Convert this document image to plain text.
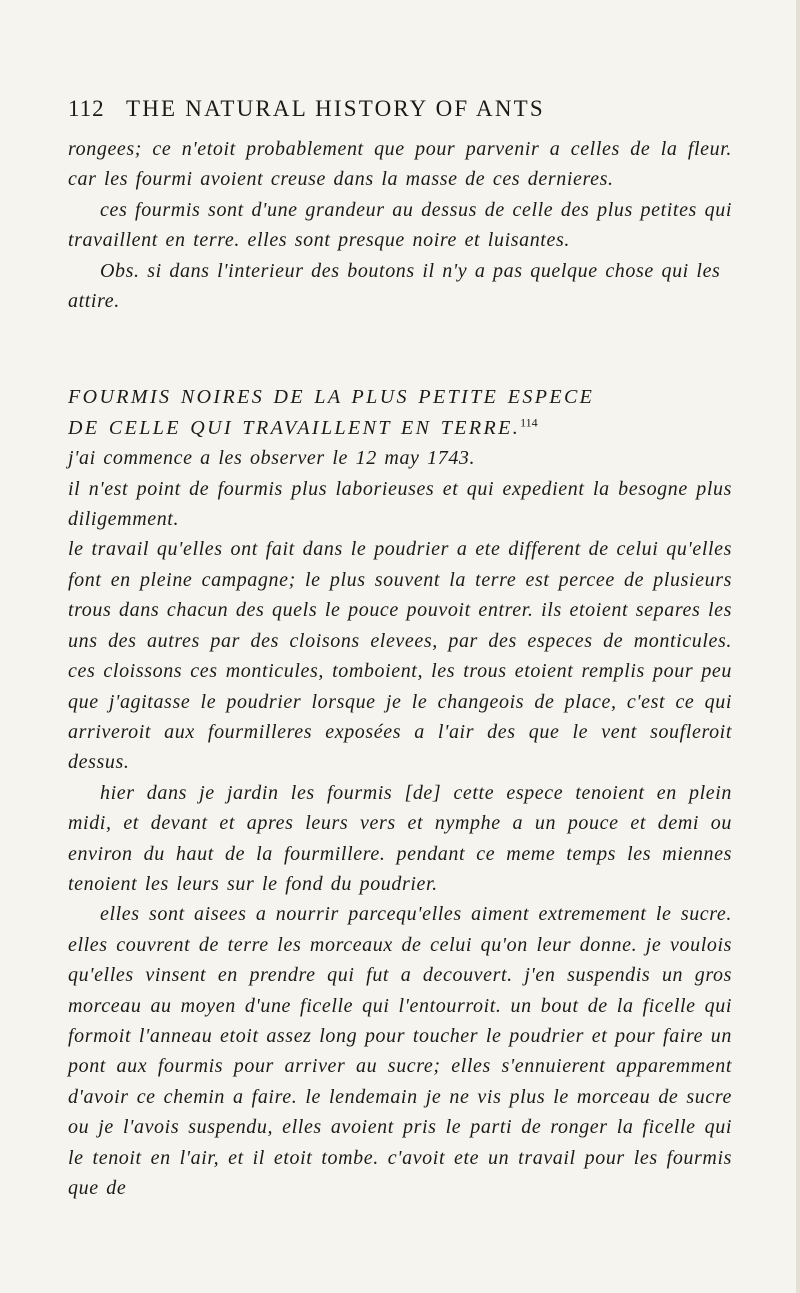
112 THE NATURAL HISTORY OF ANTS

rongees; ce n'etoit probablement que pour parvenir a celles de la fleur. car les fourmi avoient creuse dans la masse de ces dernieres.

ces fourmis sont d'une grandeur au dessus de celle des plus petites qui travaillent en terre. elles sont presque noire et luisantes.

Obs. si dans l'interieur des boutons il n'y a pas quelque chose qui les attire.

FOURMIS NOIRES DE LA PLUS PETITE ESPECE
DE CELLE QUI TRAVAILLENT EN TERRE.$^{114}$

j'ai commence a les observer le 12 may 1743.

il n'est point de fourmis plus laborieuses et qui expedient la besogne plus diligemment.

le travail qu'elles ont fait dans le poudrier a ete different de celui qu'elles font en pleine campagne; le plus souvent la terre est percee de plusieurs trous dans chacun des quels le pouce pouvoit entrer. ils etoient separes les uns des autres par des cloisons elevees, par des especes de monticules. ces cloissons ces monticules, tomboient, les trous etoient remplis pour peu que j'agitasse le poudrier lorsque je le changeois de place, c'est ce qui arriveroit aux fourmilleres exposées a l'air des que le vent soufleroit dessus.

hier dans je jardin les fourmis [de] cette espece tenoient en plein midi, et devant et apres leurs vers et nymphe a un pouce et demi ou environ du haut de la fourmillere. pendant ce meme temps les miennes tenoient les leurs sur le fond du poudrier.

elles sont aisees a nourrir parcequ'elles aiment extremement le sucre. elles couvrent de terre les morceaux de celui qu'on leur donne. je voulois qu'elles vinsent en prendre qui fut a decouvert. j'en suspendis un gros morceau au moyen d'une ficelle qui l'entourroit. un bout de la ficelle qui formoit l'anneau etoit assez long pour toucher le poudrier et pour faire un pont aux fourmis pour arriver au sucre; elles s'ennuierent apparemment d'avoir ce chemin a faire. le lendemain je ne vis plus le morceau de sucre ou je l'avois suspendu, elles avoient pris le parti de ronger la ficelle qui le tenoit en l'air, et il etoit tombe. c'avoit ete un travail pour les fourmis que de
